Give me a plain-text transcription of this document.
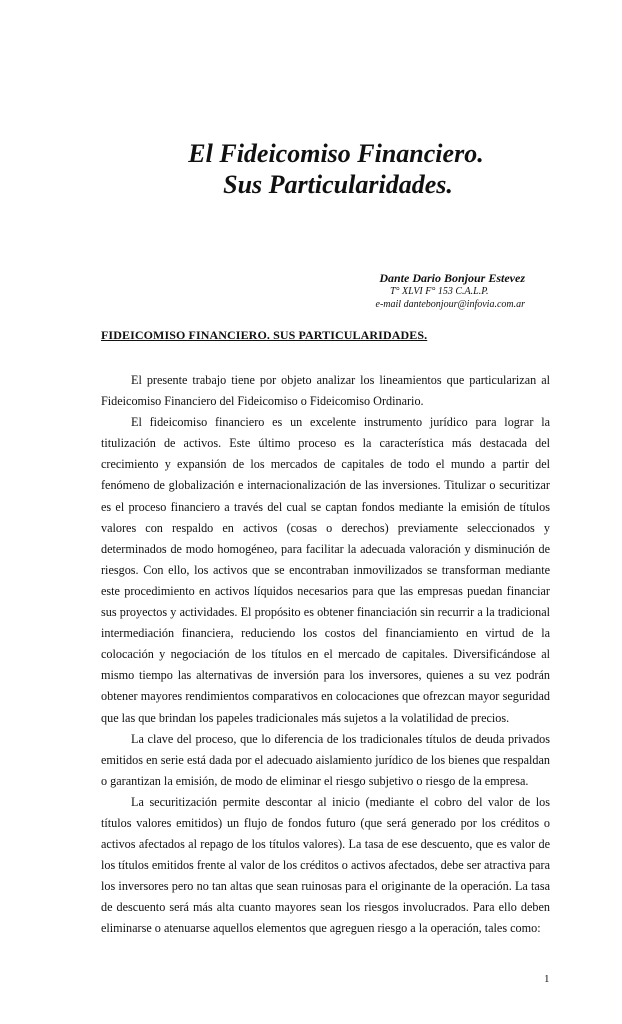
El Fideicomiso Financiero.
Sus Particularidades.
Dante Dario Bonjour Estevez
T° XLVI F° 153 C.A.L.P.
e-mail dantebonjour@infovia.com.ar
FIDEICOMISO FINANCIERO. SUS PARTICULARIDADES.

El presente trabajo tiene por objeto analizar los lineamientos que particularizan al Fideicomiso Financiero del Fideicomiso o Fideicomiso Ordinario.

El fideicomiso financiero es un excelente instrumento jurídico para lograr la titulización de activos. Este último proceso es la característica más destacada del crecimiento y expansión de los mercados de capitales de todo el mundo a partir del fenómeno de globalización e internacionalización de las inversiones. Titulizar o securitizar es el proceso financiero a través del cual se captan fondos mediante la emisión de títulos valores con respaldo en activos (cosas o derechos) previamente seleccionados y determinados de modo homogéneo, para facilitar la adecuada valoración y disminución de riesgos. Con ello, los activos que se encontraban inmovilizados se transforman mediante este procedimiento en activos líquidos necesarios para que las empresas puedan financiar sus proyectos y actividades. El propósito es obtener financiación sin recurrir a la tradicional intermediación financiera, reduciendo los costos del financiamiento en virtud de la colocación y negociación de los títulos en el mercado de capitales. Diversificándose al mismo tiempo las alternativas de inversión para los inversores, quienes a su vez podrán obtener mayores rendimientos comparativos en colocaciones que ofrezcan mayor seguridad que las que brindan los papeles tradicionales más sujetos a la volatilidad de precios.

La clave del proceso, que lo diferencia de los tradicionales títulos de deuda privados emitidos en serie está dada por el adecuado aislamiento jurídico de los bienes que respaldan o garantizan la emisión, de modo de eliminar el riesgo subjetivo o riesgo de la empresa.

La securitización permite descontar al inicio (mediante el cobro del valor de los títulos valores emitidos) un flujo de fondos futuro (que será generado por los créditos o activos afectados al repago de los títulos valores). La tasa de ese descuento, que es valor de los títulos emitidos frente al valor de los créditos o activos afectados, debe ser atractiva para los inversores pero no tan altas que sean ruinosas para el originante de la operación. La tasa de descuento será más alta cuanto mayores sean los riesgos involucrados. Para ello deben eliminarse o atenuarse aquellos elementos que agreguen riesgo a la operación, tales como:

1
